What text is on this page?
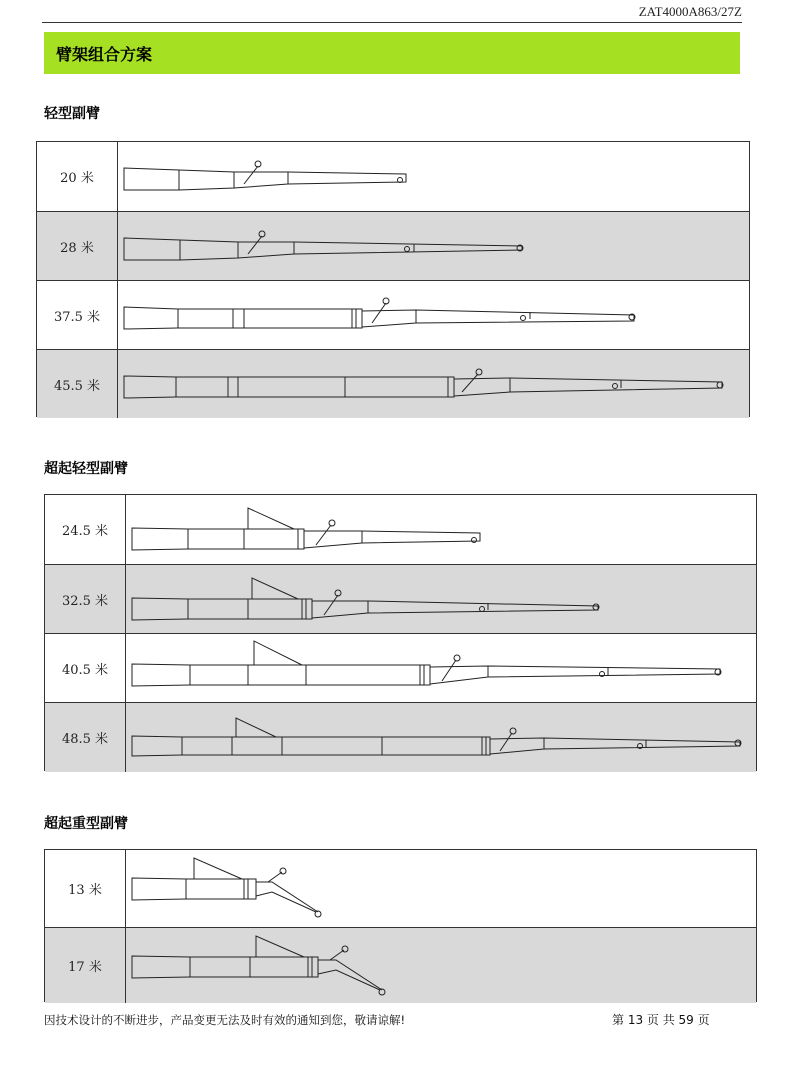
ZAT4000A863/27Z
臂架组合方案
轻型副臂
20 米
28 米
37.5 米
45.5 米
超起轻型副臂
24.5 米
32.5 米
40.5 米
48.5 米
超起重型副臂
13 米
17 米
因技术设计的不断进步，产品变更无法及时有效的通知到您，敬请谅解!	第 13 页 共 59 页
